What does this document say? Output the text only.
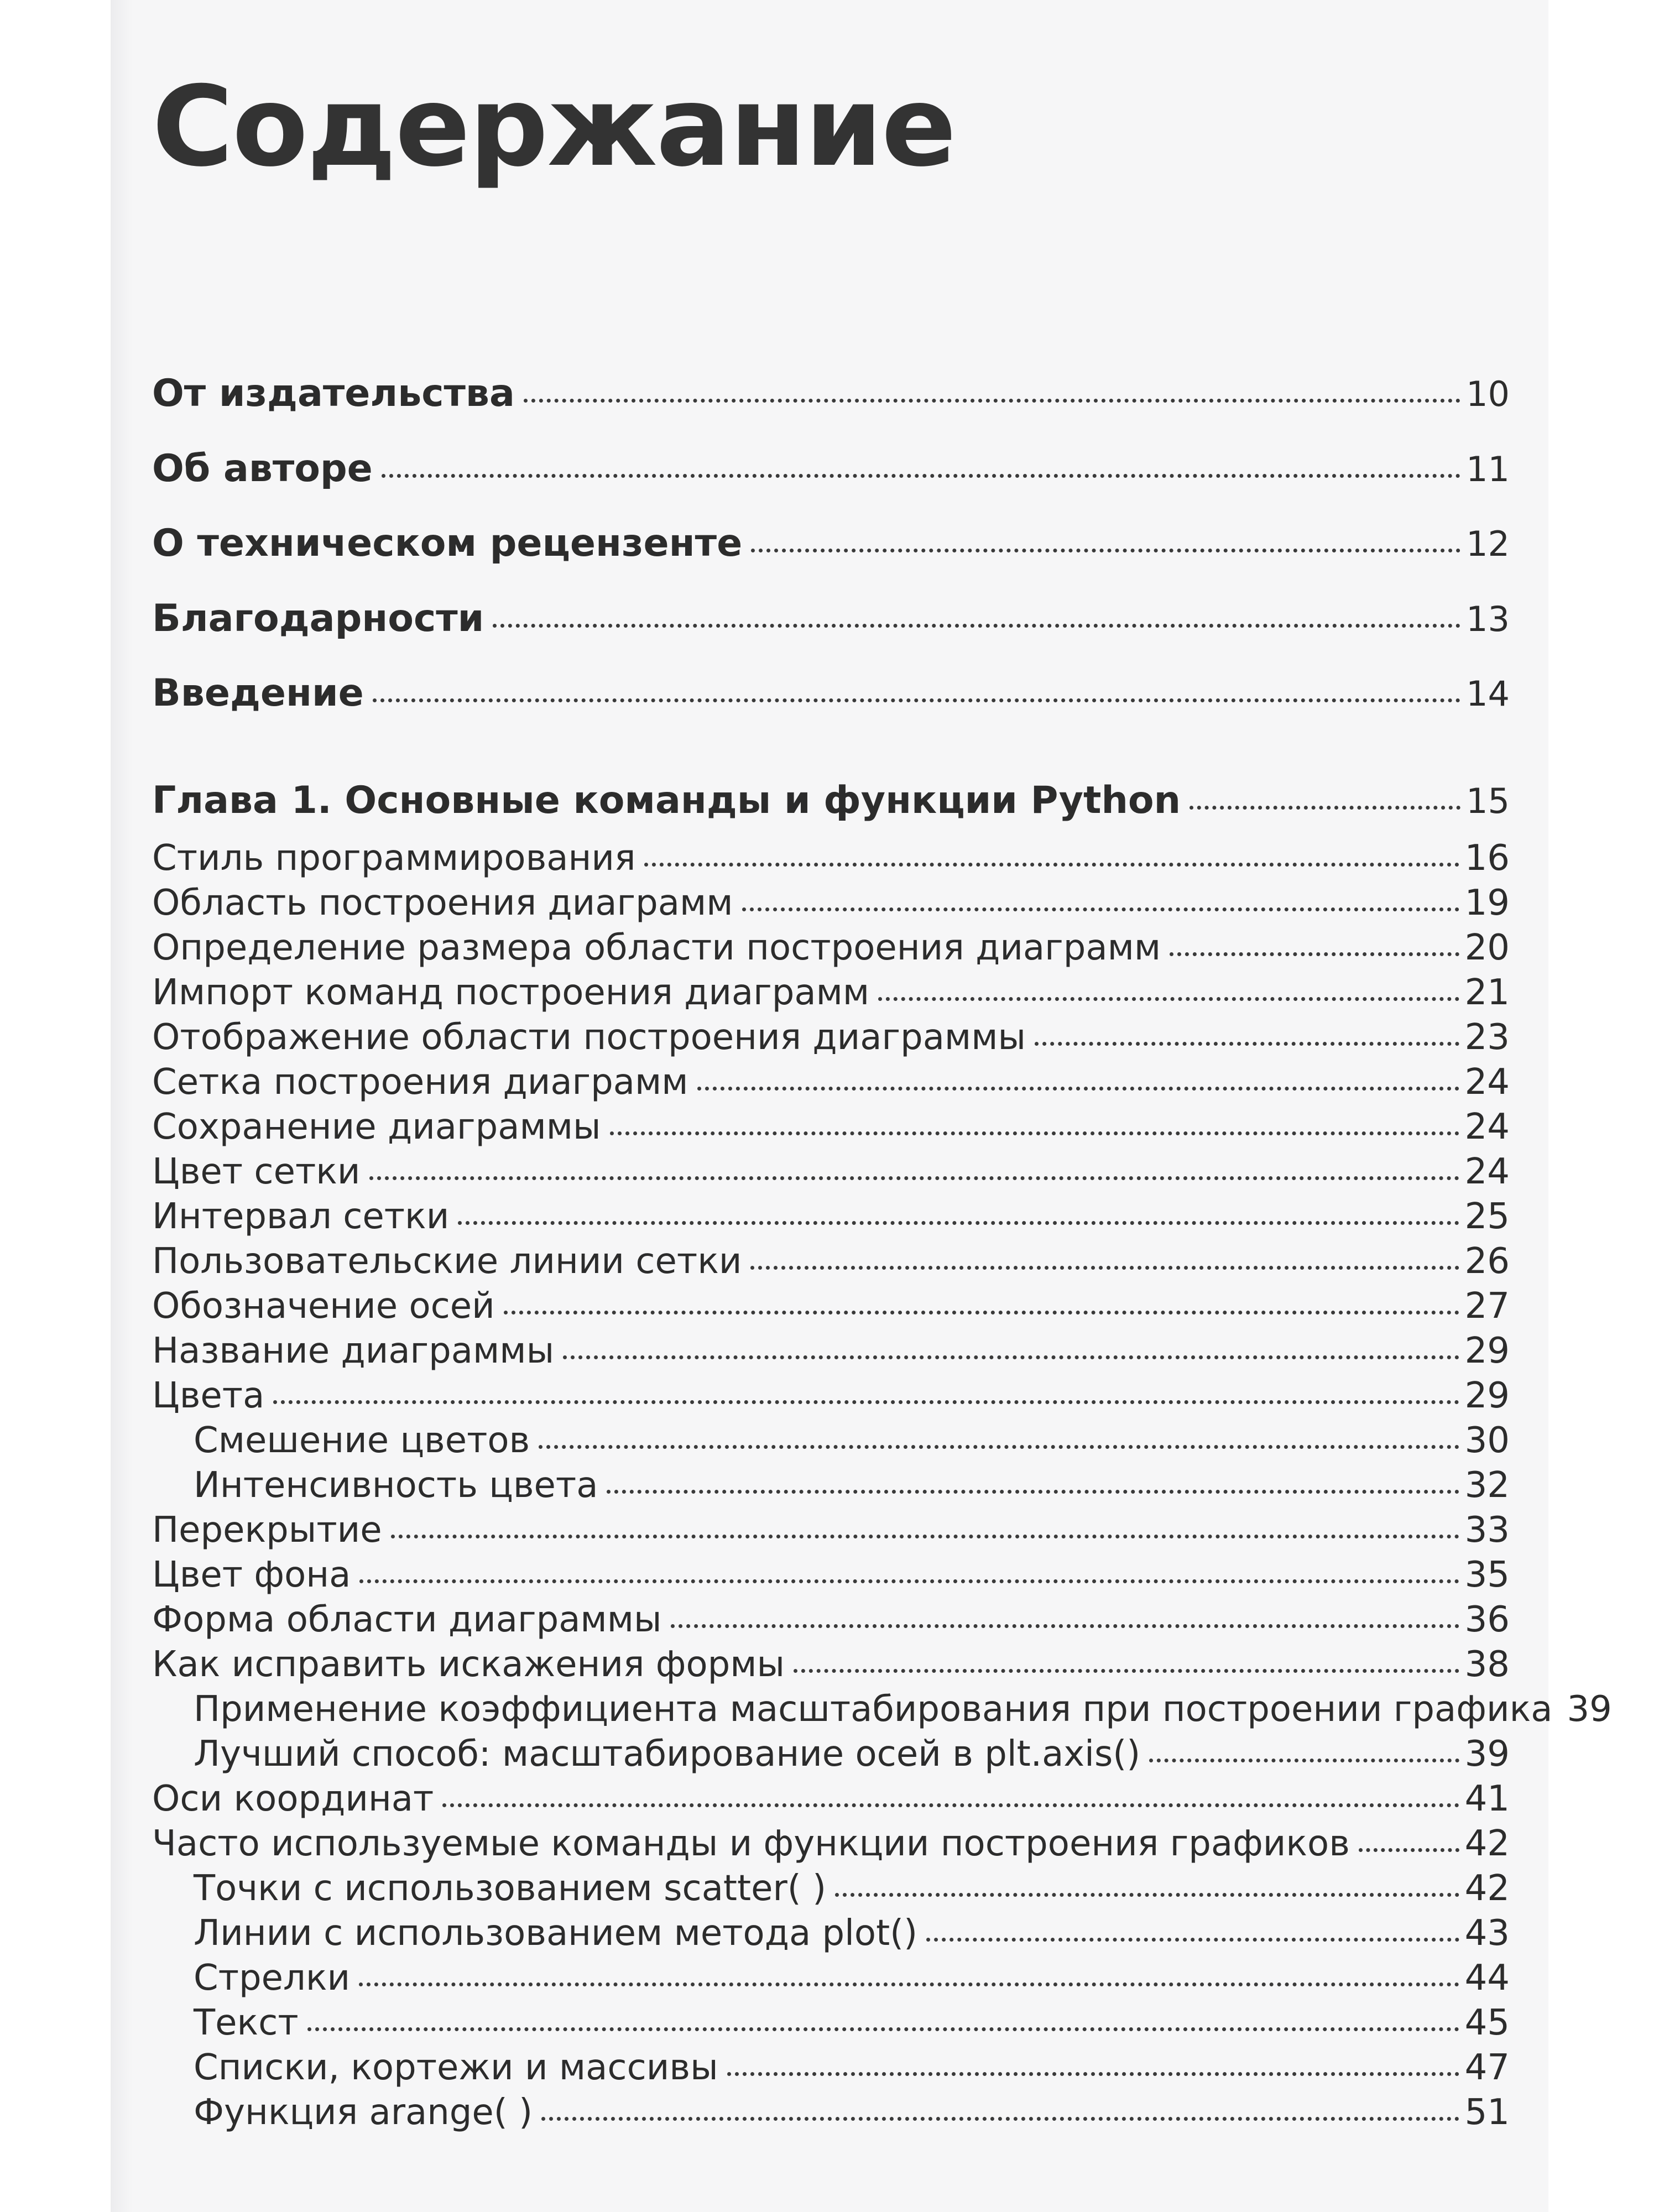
Содержание
От издательства	10
Об авторе	11
О техническом рецензенте	12
Благодарности	13
Введение	14
Глава 1. Основные команды и функции Python	15
Стиль программирования	16
Область построения диаграмм	19
Определение размера области построения диаграмм	20
Импорт команд построения диаграмм	21
Отображение области построения диаграммы	23
Сетка построения диаграмм	24
Сохранение диаграммы	24
Цвет сетки	24
Интервал сетки	25
Пользовательские линии сетки	26
Обозначение осей	27
Название диаграммы	29
Цвета	29
Смешение цветов	30
Интенсивность цвета	32
Перекрытие	33
Цвет фона	35
Форма области диаграммы	36
Как исправить искажения формы	38
Применение коэффициента масштабирования при построении графика 39
Лучший способ: масштабирование осей в plt.axis()	39
Оси координат	41
Часто используемые команды и функции построения графиков	42
Точки с использованием scatter( )	42
Линии с использованием метода plot()	43
Стрелки	44
Текст	45
Списки, кортежи и массивы	47
Функция arange( )	51
